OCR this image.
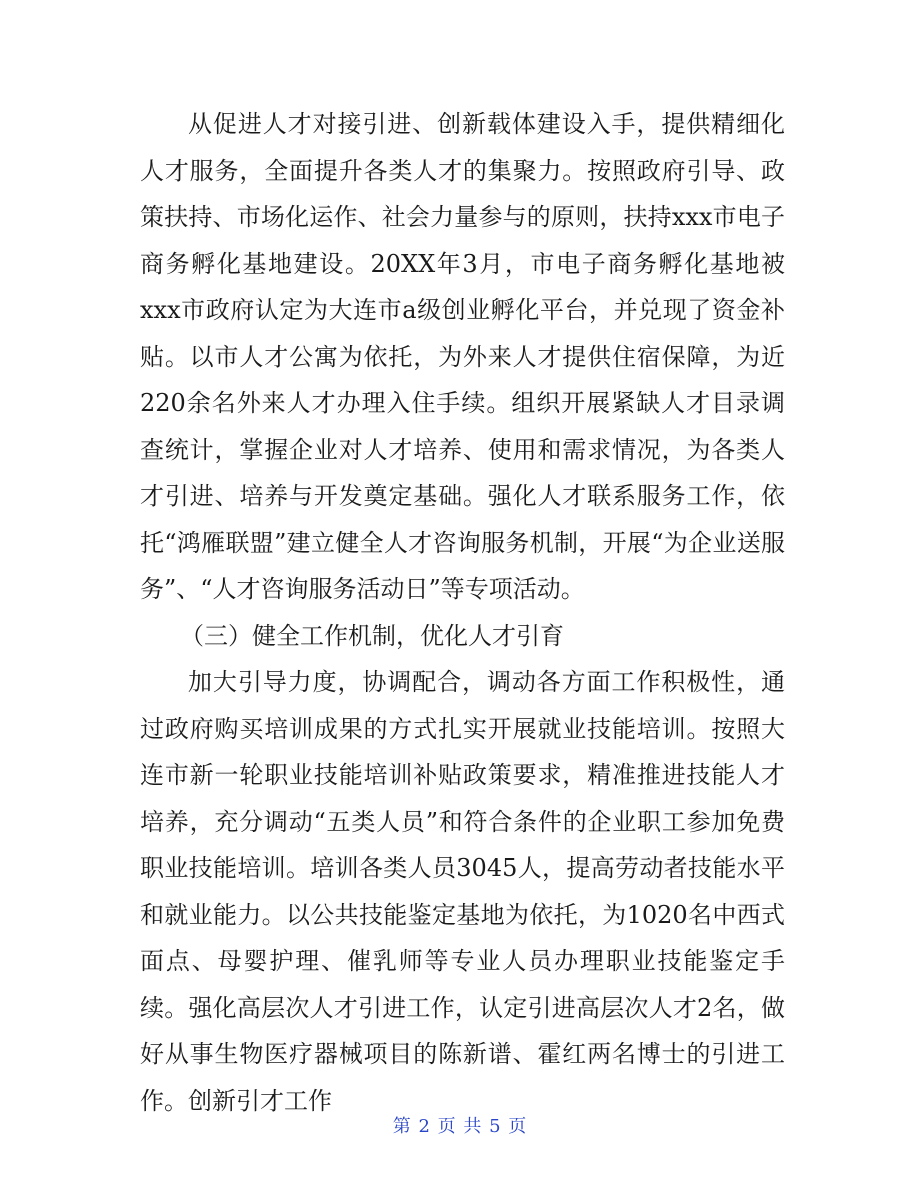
从促进人才对接引进、创新载体建设入手，提供精细化人才服务，全面提升各类人才的集聚力。按照政府引导、政策扶持、市场化运作、社会力量参与的原则，扶持xxx市电子商务孵化基地建设。20XX年3月，市电子商务孵化基地被xxx市政府认定为大连市a级创业孵化平台，并兑现了资金补贴。以市人才公寓为依托，为外来人才提供住宿保障，为近220余名外来人才办理入住手续。组织开展紧缺人才目录调查统计，掌握企业对人才培养、使用和需求情况，为各类人才引进、培养与开发奠定基础。强化人才联系服务工作，依托“鸿雁联盟”建立健全人才咨询服务机制，开展“为企业送服务”、“人才咨询服务活动日”等专项活动。

（三）健全工作机制，优化人才引育

加大引导力度，协调配合，调动各方面工作积极性，通过政府购买培训成果的方式扎实开展就业技能培训。按照大连市新一轮职业技能培训补贴政策要求，精准推进技能人才培养，充分调动“五类人员”和符合条件的企业职工参加免费职业技能培训。培训各类人员3045人，提高劳动者技能水平和就业能力。以公共技能鉴定基地为依托，为1020名中西式面点、母婴护理、催乳师等专业人员办理职业技能鉴定手续。强化高层次人才引进工作，认定引进高层次人才2名，做好从事生物医疗器械项目的陈新谱、霍红两名博士的引进工作。创新引才工作

第 2 页 共 5 页
